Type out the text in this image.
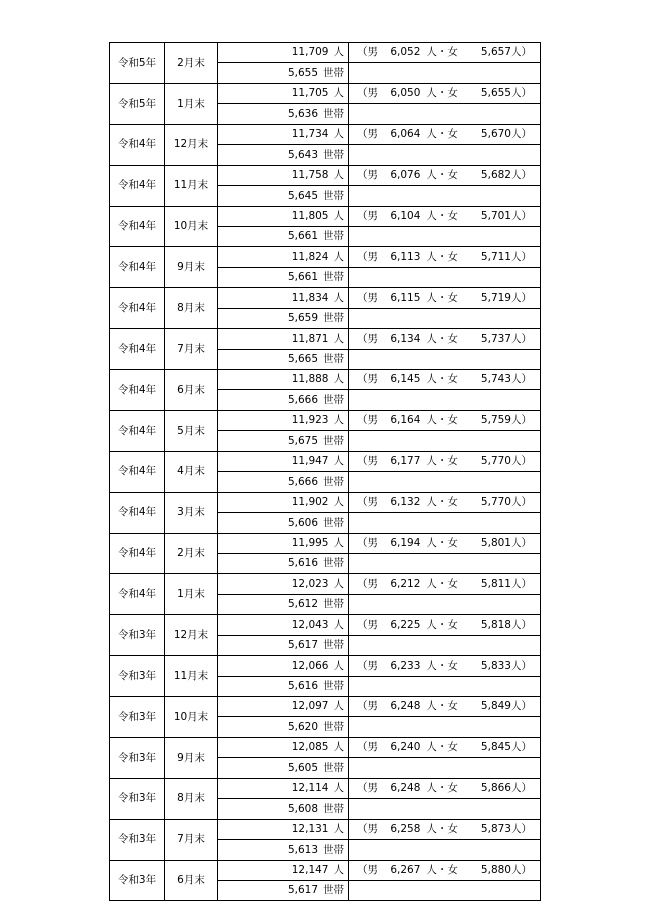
令和5年	2月末	11,709 人	（男 6,052 人・女 5,657 人）

		5,655 世帯	
令和5年	1月末	11,705 人	（男 6,050 人・女 5,655 人）

		5,636 世帯	
令和4年	12月末	11,734 人	（男 6,064 人・女 5,670 人）

		5,643 世帯	
令和4年	11月末	11,758 人	（男 6,076 人・女 5,682 人）

		5,645 世帯	
令和4年	10月末	11,805 人	（男 6,104 人・女 5,701 人）

		5,661 世帯	
令和4年	9月末	11,824 人	（男 6,113 人・女 5,711 人）

		5,661 世帯	
令和4年	8月末	11,834 人	（男 6,115 人・女 5,719 人）

		5,659 世帯	
令和4年	7月末	11,871 人	（男 6,134 人・女 5,737 人）

		5,665 世帯	
令和4年	6月末	11,888 人	（男 6,145 人・女 5,743 人）

		5,666 世帯	
令和4年	5月末	11,923 人	（男 6,164 人・女 5,759 人）

		5,675 世帯	
令和4年	4月末	11,947 人	（男 6,177 人・女 5,770 人）

		5,666 世帯	
令和4年	3月末	11,902 人	（男 6,132 人・女 5,770 人）

		5,606 世帯	
令和4年	2月末	11,995 人	（男 6,194 人・女 5,801 人）

		5,616 世帯	
令和4年	1月末	12,023 人	（男 6,212 人・女 5,811 人）

		5,612 世帯	
令和3年	12月末	12,043 人	（男 6,225 人・女 5,818 人）

		5,617 世帯	
令和3年	11月末	12,066 人	（男 6,233 人・女 5,833 人）

		5,616 世帯	
令和3年	10月末	12,097 人	（男 6,248 人・女 5,849 人）

		5,620 世帯	
令和3年	9月末	12,085 人	（男 6,240 人・女 5,845 人）

		5,605 世帯	
令和3年	8月末	12,114 人	（男 6,248 人・女 5,866 人）

		5,608 世帯	
令和3年	7月末	12,131 人	（男 6,258 人・女 5,873 人）

		5,613 世帯	
令和3年	6月末	12,147 人	（男 6,267 人・女 5,880 人）

		5,617 世帯	
